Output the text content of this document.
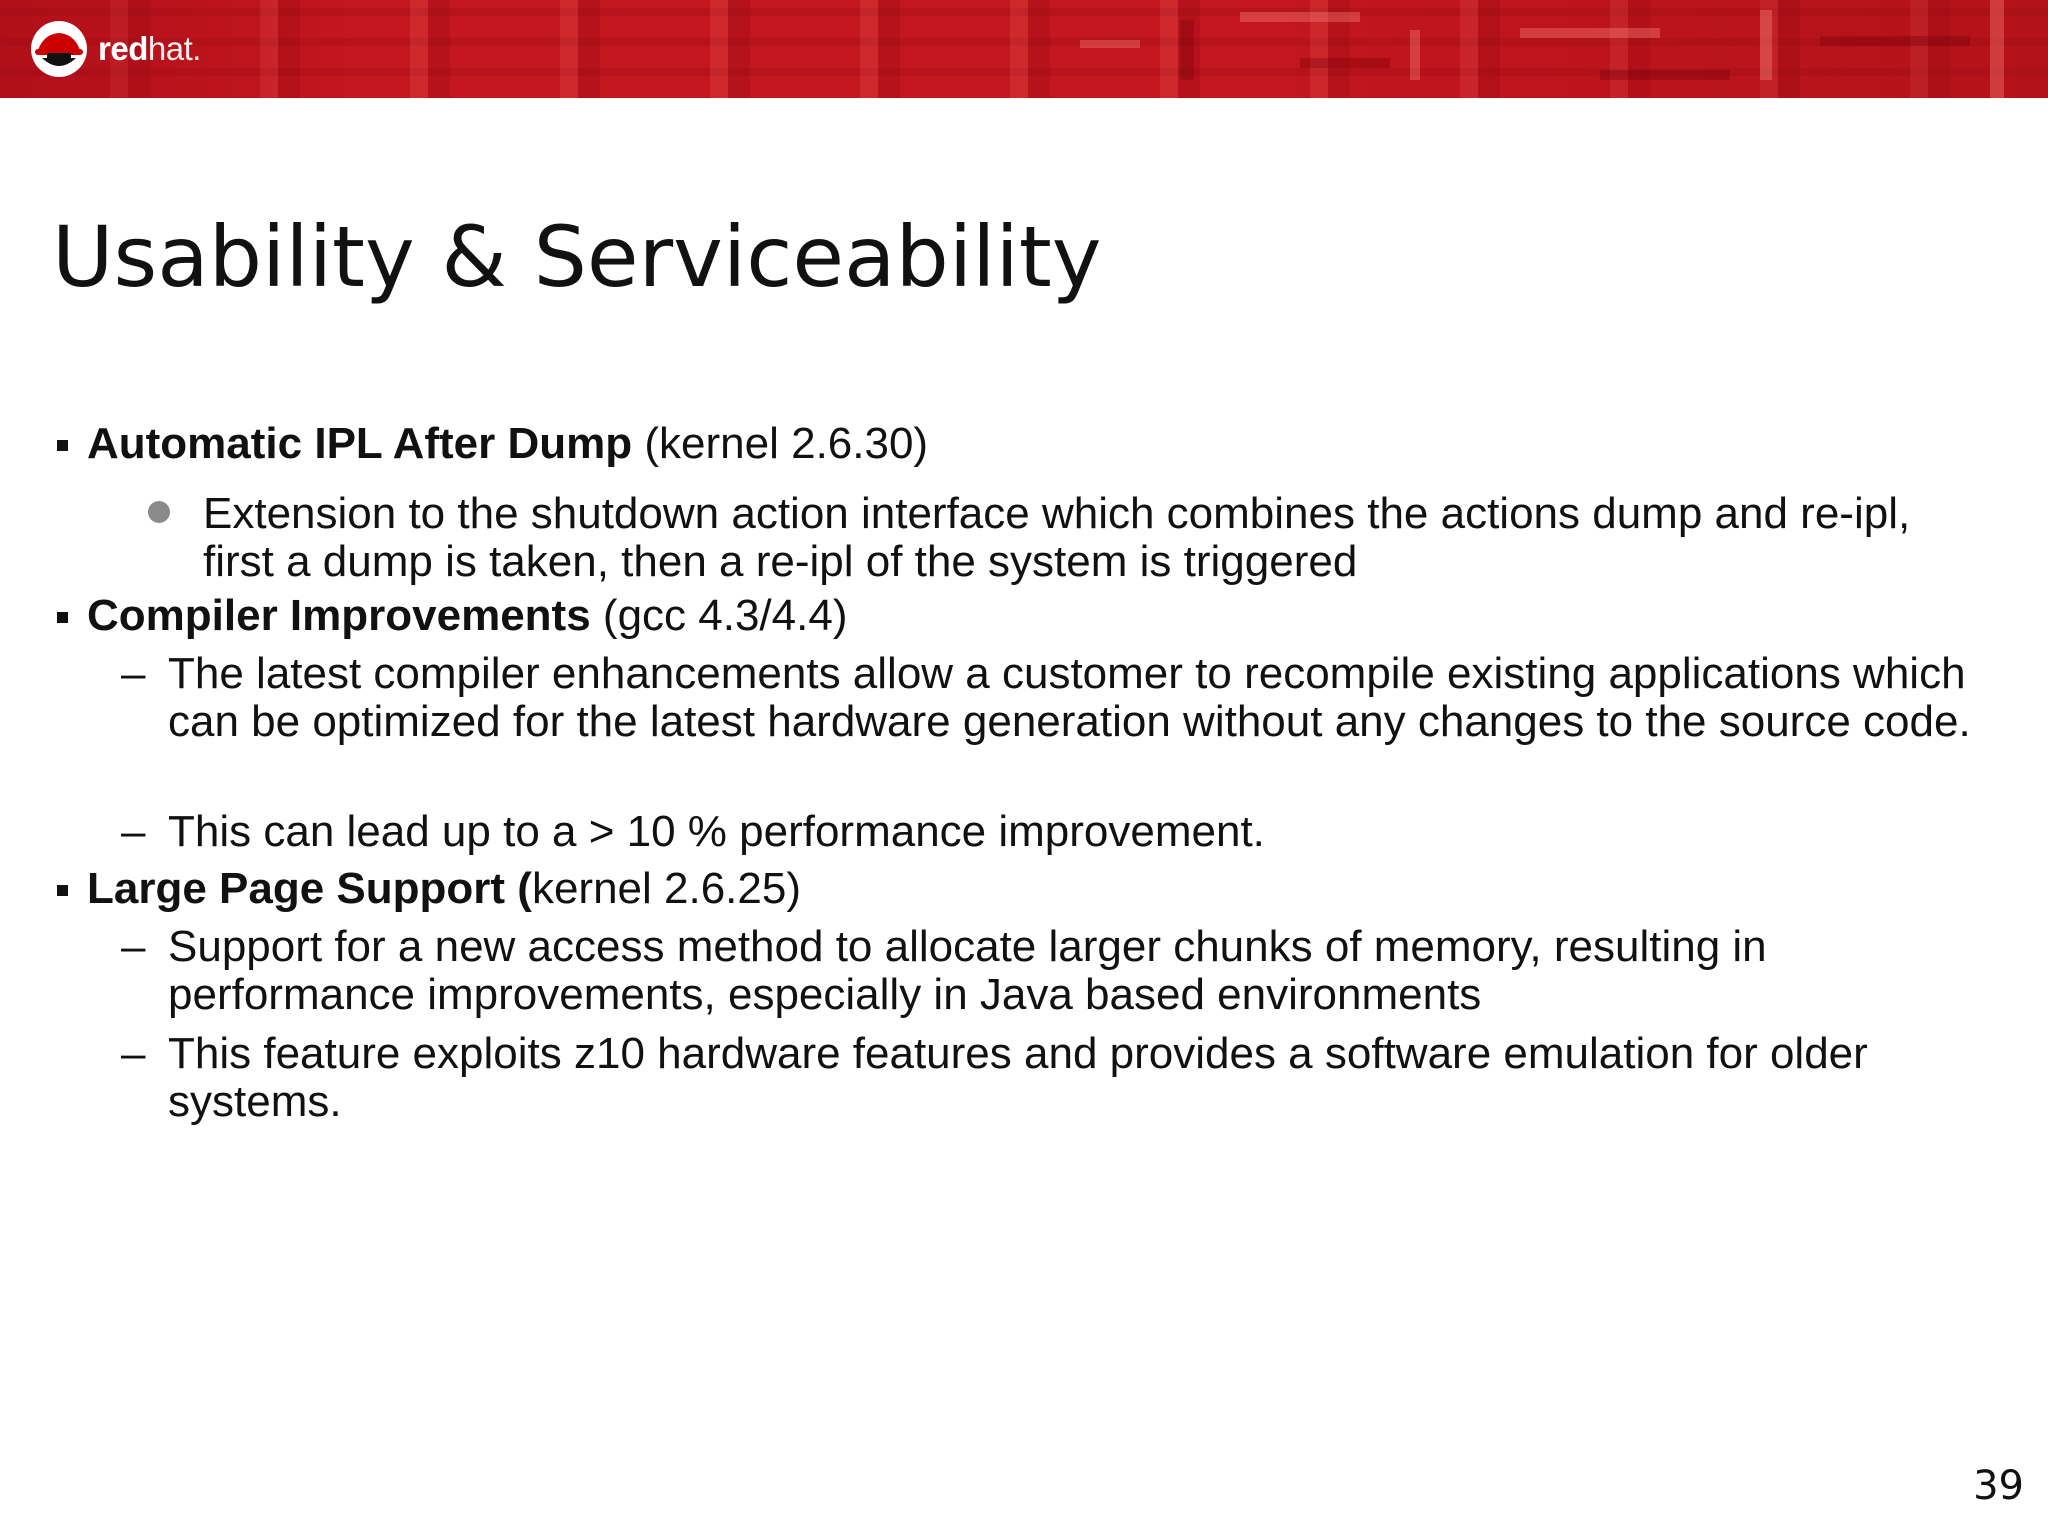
redhat.
Usability & Serviceability
Automatic IPL After Dump (kernel 2.6.30)
Extension to the shutdown action interface which combines the actions dump and re-ipl, first a dump is taken, then a re-ipl of the system is triggered
Compiler Improvements (gcc 4.3/4.4)
– The latest compiler enhancements allow a customer to recompile existing applications which can be optimized for the latest hardware generation without any changes to the source code.
– This can lead up to a > 10 % performance improvement.
Large Page Support (kernel 2.6.25)
– Support for a new access method to allocate larger chunks of memory, resulting in performance improvements, especially in Java based environments
– This feature exploits z10 hardware features and provides a software emulation for older systems.
39
